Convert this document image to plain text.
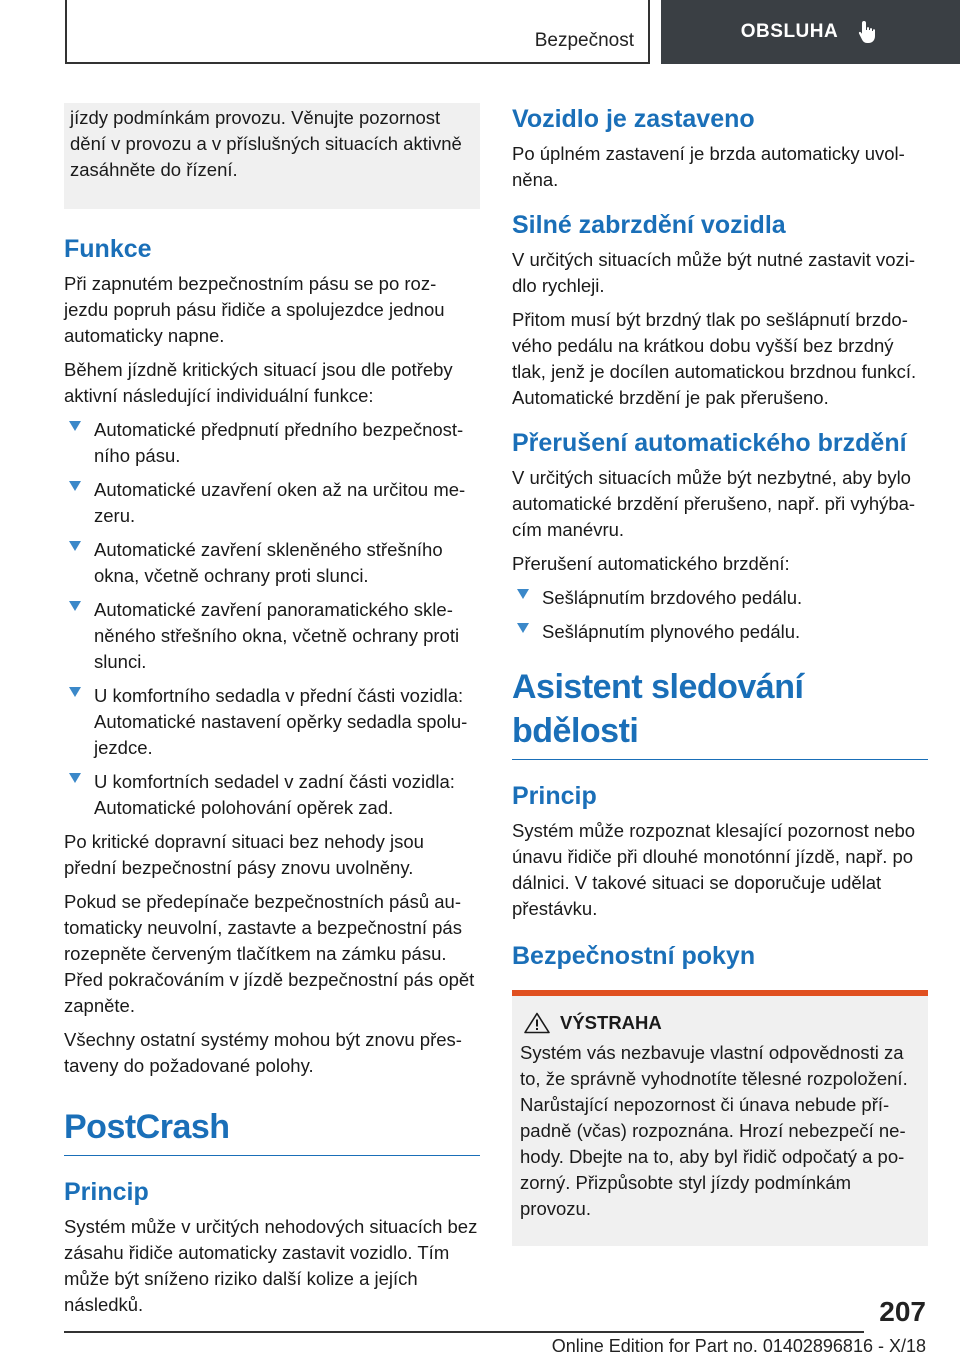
Bezpečnost	OBSLUHA
jízdy podmínkám provozu. Věnujte pozornost dění v provozu a v příslušných situacích aktivně zasáhněte do řízení.
Funkce

Při zapnutém bezpečnostním pásu se po roz-jezdu popruh pásu řidiče a spolujezdce jednou automaticky napne.

Během jízdně kritických situací jsou dle potřeby aktivní následující individuální funkce:

Automatické předpnutí předního bezpečnost-ního pásu.
Automatické uzavření oken až na určitou me-zeru.
Automatické zavření skleněného střešního okna, včetně ochrany proti slunci.
Automatické zavření panoramatického skle-něného střešního okna, včetně ochrany proti slunci.
U komfortního sedadla v přední části vozidla: Automatické nastavení opěrky sedadla spolu-jezdce.
U komfortních sedadel v zadní části vozidla: Automatické polohování opěrek zad.

Po kritické dopravní situaci bez nehody jsou přední bezpečnostní pásy znovu uvolněny.

Pokud se předepínače bezpečnostních pásů au-tomaticky neuvolní, zastavte a bezpečnostní pás rozepněte červeným tlačítkem na zámku pásu. Před pokračováním v jízdě bezpečnostní pás opět zapněte.

Všechny ostatní systémy mohou být znovu přes-taveny do požadované polohy.

PostCrash
Princip

Systém může v určitých nehodových situacích bez zásahu řidiče automaticky zastavit vozidlo. Tím může být sníženo riziko další kolize a jejích následků.

Vozidlo je zastaveno

Po úplném zastavení je brzda automaticky uvol-něna.

Silné zabrzdění vozidla

V určitých situacích může být nutné zastavit vozi-dlo rychleji.

Přitom musí být brzdný tlak po sešlápnutí brzdo-vého pedálu na krátkou dobu vyšší bez brzdný tlak, jenž je docílen automatickou brzdnou funkcí. Automatické brzdění je pak přerušeno.

Přerušení automatického brzdění

V určitých situacích může být nezbytné, aby bylo automatické brzdění přerušeno, např. při vyhýba-cím manévru.

Přerušení automatického brzdění:

Sešlápnutím brzdového pedálu.
Sešlápnutím plynového pedálu.
Asistent sledování bdělosti
Princip

Systém může rozpoznat klesající pozornost nebo únavu řidiče při dlouhé monotónní jízdě, např. po dálnici. V takové situaci se doporučuje udělat přestávku.

Bezpečnostní pokyn
VÝSTRAHA
Systém vás nezbavuje vlastní odpovědnosti za to, že správně vyhodnotíte tělesné rozpoložení. Narůstající nepozornost či únava nebude pří-padně (včas) rozpoznána. Hrozí nebezpečí ne-hody. Dbejte na to, aby byl řidič odpočatý a po-zorný. Přizpůsobte styl jízdy podmínkám provozu.
207
Online Edition for Part no. 01402896816 - X/18
